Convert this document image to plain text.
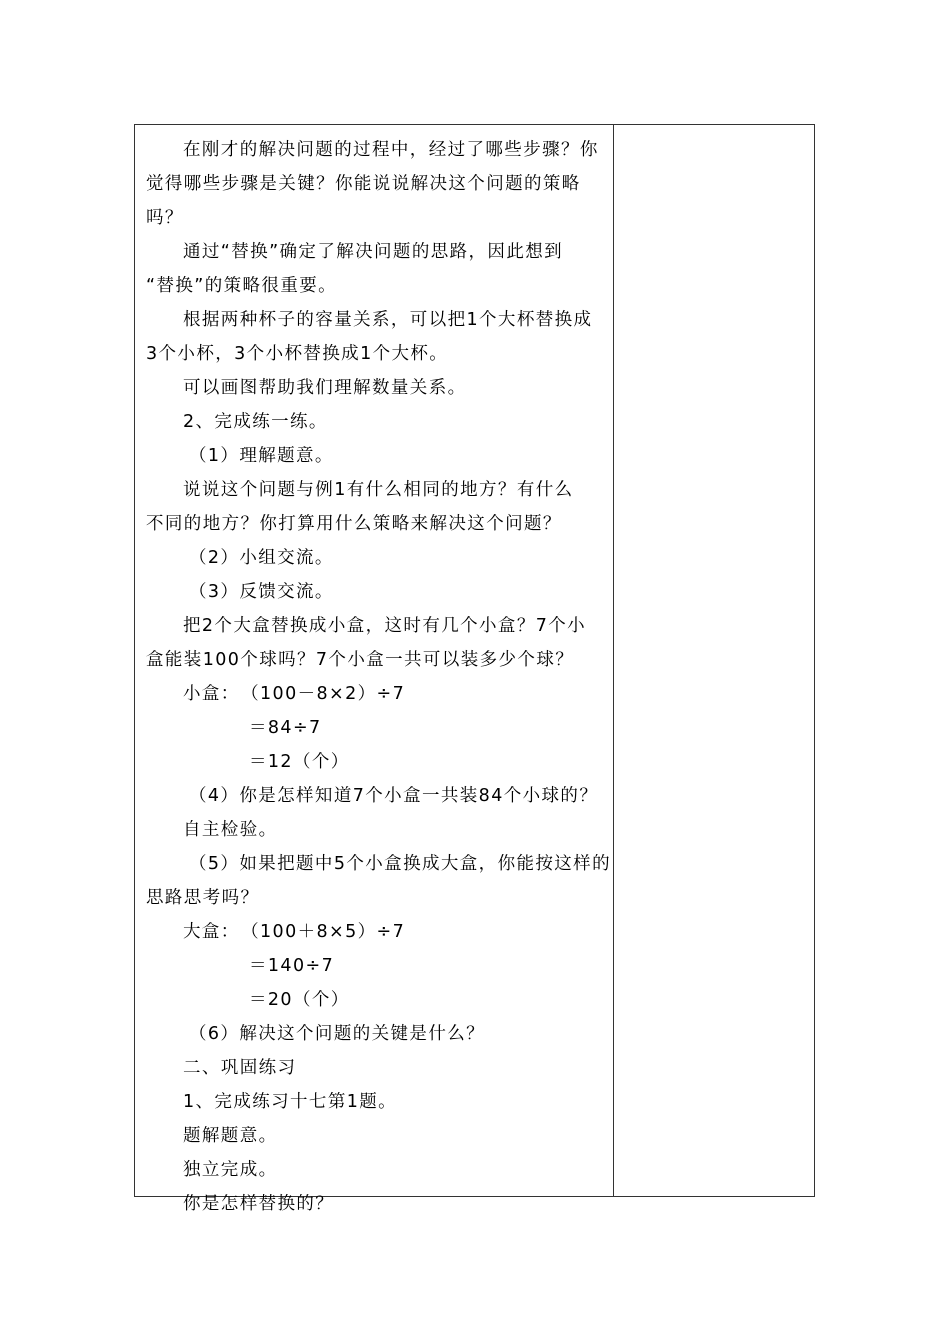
在刚才的解决问题的过程中，经过了哪些步骤？你
觉得哪些步骤是关键？你能说说解决这个问题的策略
吗？
通过“替换”确定了解决问题的思路，因此想到
“替换”的策略很重要。
根据两种杯子的容量关系，可以把1个大杯替换成
3个小杯，3个小杯替换成1个大杯。
可以画图帮助我们理解数量关系。
2、完成练一练。
（1）理解题意。
说说这个问题与例1有什么相同的地方？有什么
不同的地方？你打算用什么策略来解决这个问题？
（2）小组交流。
（3）反馈交流。
把2个大盒替换成小盒，这时有几个小盒？7个小
盒能装100个球吗？7个小盒一共可以装多少个球？
小盒：　（100－8×2）÷7
＝84÷7
＝12（个）
（4）你是怎样知道7个小盒一共装84个小球的？
自主检验。
（5）如果把题中5个小盒换成大盒，你能按这样的
思路思考吗？
大盒：　（100＋8×5）÷7
＝140÷7
＝20（个）
（6）解决这个问题的关键是什么？
二、巩固练习
1、完成练习十七第1题。
题解题意。
独立完成。
你是怎样替换的？
